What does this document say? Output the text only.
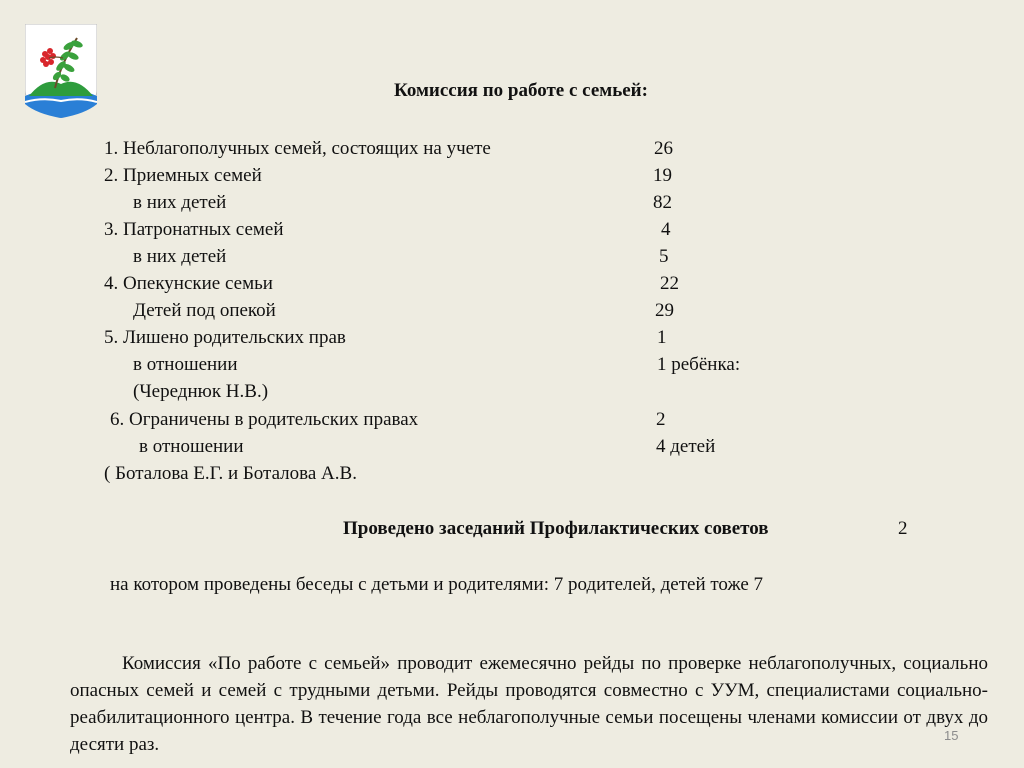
Комиссия по работе с семьей:
1. Неблагополучных семей, состоящих на учете	26
2. Приемных семей	19
в них детей	82
3. Патронатных семей	4
в них детей	5
4. Опекунские семьи	22
Детей под опекой	29
5. Лишено родительских прав	1
в отношении	1 ребёнка:
(Череднюк Н.В.)
6. Ограничены в родительских правах	2
в отношении	4 детей
( Боталова Е.Г. и Боталова А.В.
Проведено заседаний Профилактических советов	2
на котором проведены беседы с детьми и родителями: 7 родителей, детей тоже 7
Комиссия «По работе с семьей» проводит ежемесячно рейды по проверке неблагополучных, социально опасных семей и семей с трудными детьми. Рейды проводятся совместно с УУМ, специалистами социально-реабилитационного центра. В течение года все неблагополучные семьи посещены членами комиссии от двух до десяти раз.	15
